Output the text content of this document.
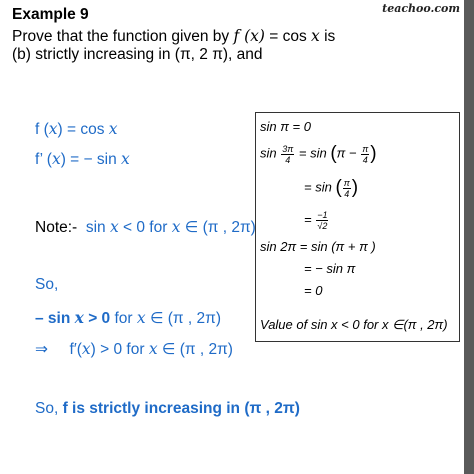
teachoo.com
Example 9
Prove that the function given by f (x) = cos x is
(b) strictly increasing in (π, 2 π), and
f (x) = cos x
f’ (x) = − sin x
Note:- sin x < 0 for x ∈ (π , 2π)
So,
– sin x > 0 for x ∈ (π , 2π)
⇒ f′(x) > 0 for x ∈ (π , 2π)
So, f is strictly increasing in (π , 2π)
sin π = 0
$\sin \frac{3\pi}{4} = \sin (\pi - \frac{\pi}{4}$ )
= sin ( $\frac{\pi}{4}$ )
= $\frac{-1}{√2}$
sin 2π = sin (π + π )
= − sin π
= 0
Value of sin x < 0 for x ∈(π , 2π)
